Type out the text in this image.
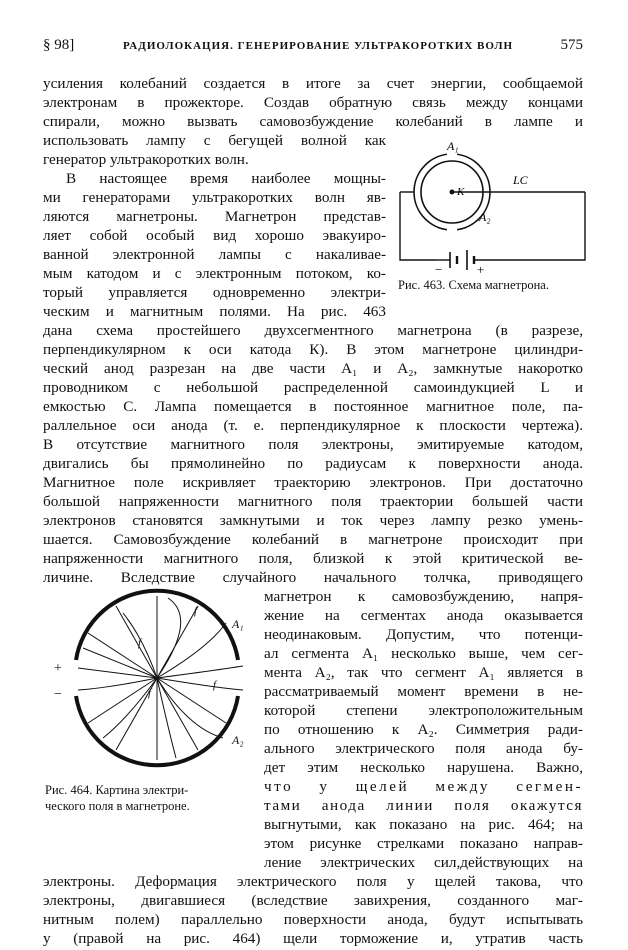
§ 98]	РАДИОЛОКАЦИЯ. ГЕНЕРИРОВАНИЕ УЛЬТРАКОРОТКИХ ВОЛН	575
усиления колебаний создается в итоге за счет энергии, сообщаемой
электронам в прожекторе. Создав обратную связь между концами
спирали, можно вызвать самовозбуждение колебаний в лампе и
использовать лампу с бегущей волной как
генератор ультракоротких волн.
В настоящее время наиболее мощны-
ми генераторами ультракоротких волн яв-
ляются магнетроны. Магнетрон представ-
ляет собой особый вид хорошо эвакуиро-
ванной электронной лампы с накаливае-
мым катодом и с электронным потоком, ко-
торый управляется одновременно электри-
ческим и магнитным полями. На рис. 463
дана схема простейшего двухсегментного магнетрона (в разрезе,
перпендикулярном к оси катода К). В этом магнетроне цилиндри-
ческий анод разрезан на две части А₁ и А₂, замкнутые накоротко
проводником с небольшой распределенной самоиндукцией L и
емкостью С. Лампа помещается в постоянное магнитное поле, па-
раллельное оси анода (т. е. перпендикулярное к плоскости чертежа).
В отсутствие магнитного поля электроны, эмитируемые катодом,
двигались бы прямолинейно по радиусам к поверхности анода.
Магнитное поле искривляет траекторию электронов. При достаточно
большой напряженности магнитного поля траектории большей части
электронов становятся замкнутыми и ток через лампу резко умень-
шается. Самовозбуждение колебаний в магнетроне происходит при
напряженности магнитного поля, близкой к этой критической ве-
личине. Вследствие случайного начального толчка, приводящего
магнетрон к самовозбуждению, напря-
жение на сегментах анода оказывается
неодинаковым. Допустим, что потенци-
ал сегмента А₁ несколько выше, чем сег-
мента А₂, так что сегмент А₁ является в
рассматриваемый момент времени в не-
которой степени электроположительным
по отношению к А₂. Симметрия ради-
ального электрического поля анода бу-
дет этим несколько нарушена. Важно,
что у щелей между сегмен-
тами анода линии поля окажутся
выгнутыми, как показано на рис. 464; на
этом рисунке стрелками показано направ-
ление электрических сил,действующих на
электроны. Деформация электрического поля у щелей такова, что
электроны, двигавшиеся (вследствие завихрения, созданного маг-
нитным полем) параллельно поверхности анода, будут испытывать
у (правой на рис. 464) щели торможение и, утратив часть
A₁
K
A₂
LC
−	+
Рис. 463. Схема магнетрона.
A₁
A₂
+
−
f
f
f
f
Рис. 464. Картина электри-
ческого поля в магнетроне.
